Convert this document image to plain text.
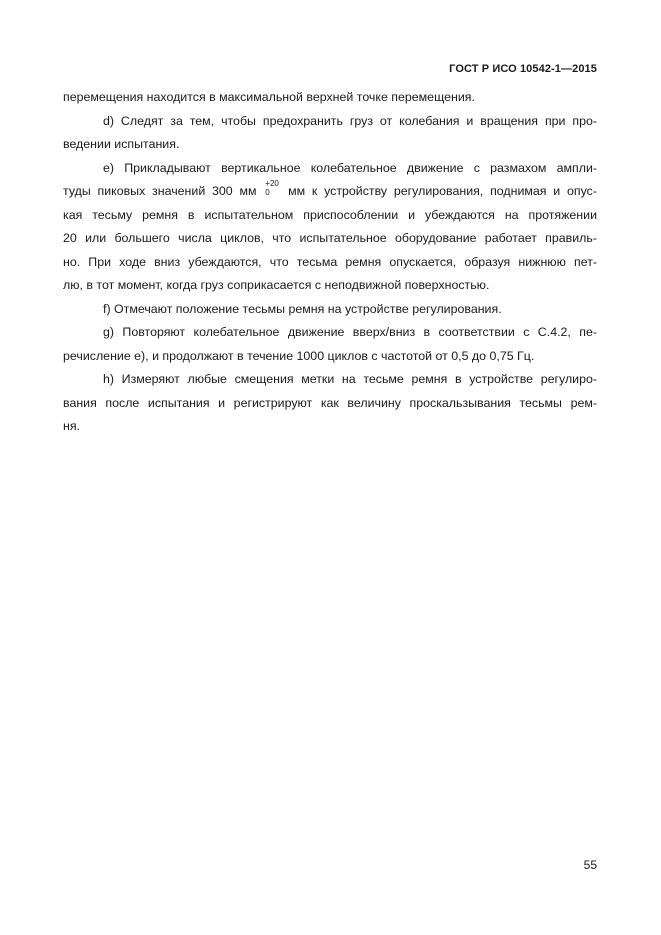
ГОСТ Р ИСО 10542-1—2015
перемещения находится в максимальной верхней точке перемещения.
d) Следят за тем, чтобы предохранить груз от колебания и вращения при про-
ведении испытания.
e) Прикладывают вертикальное колебательное движение с размахом ампли-
туды пиковых значений 300 мм
+20
0	мм к устройству регулирования, поднимая и опус-
кая тесьму ремня в испытательном приспособлении и убеждаются на протяжении
20 или большего числа циклов, что испытательное оборудование работает правиль-
но. При ходе вниз убеждаются, что тесьма ремня опускается, образуя нижнюю пет-
лю, в тот момент, когда груз соприкасается с неподвижной поверхностью.
f) Отмечают положение тесьмы ремня на устройстве регулирования.
g) Повторяют колебательное движение вверх/вниз в соответствии с С.4.2, пе-
речисление е), и продолжают в течение 1000 циклов с частотой от 0,5 до 0,75 Гц.
h) Измеряют любые смещения метки на тесьме ремня в устройстве регулиро-
вания после испытания и регистрируют как величину проскальзывания тесьмы рем-
ня.
55
